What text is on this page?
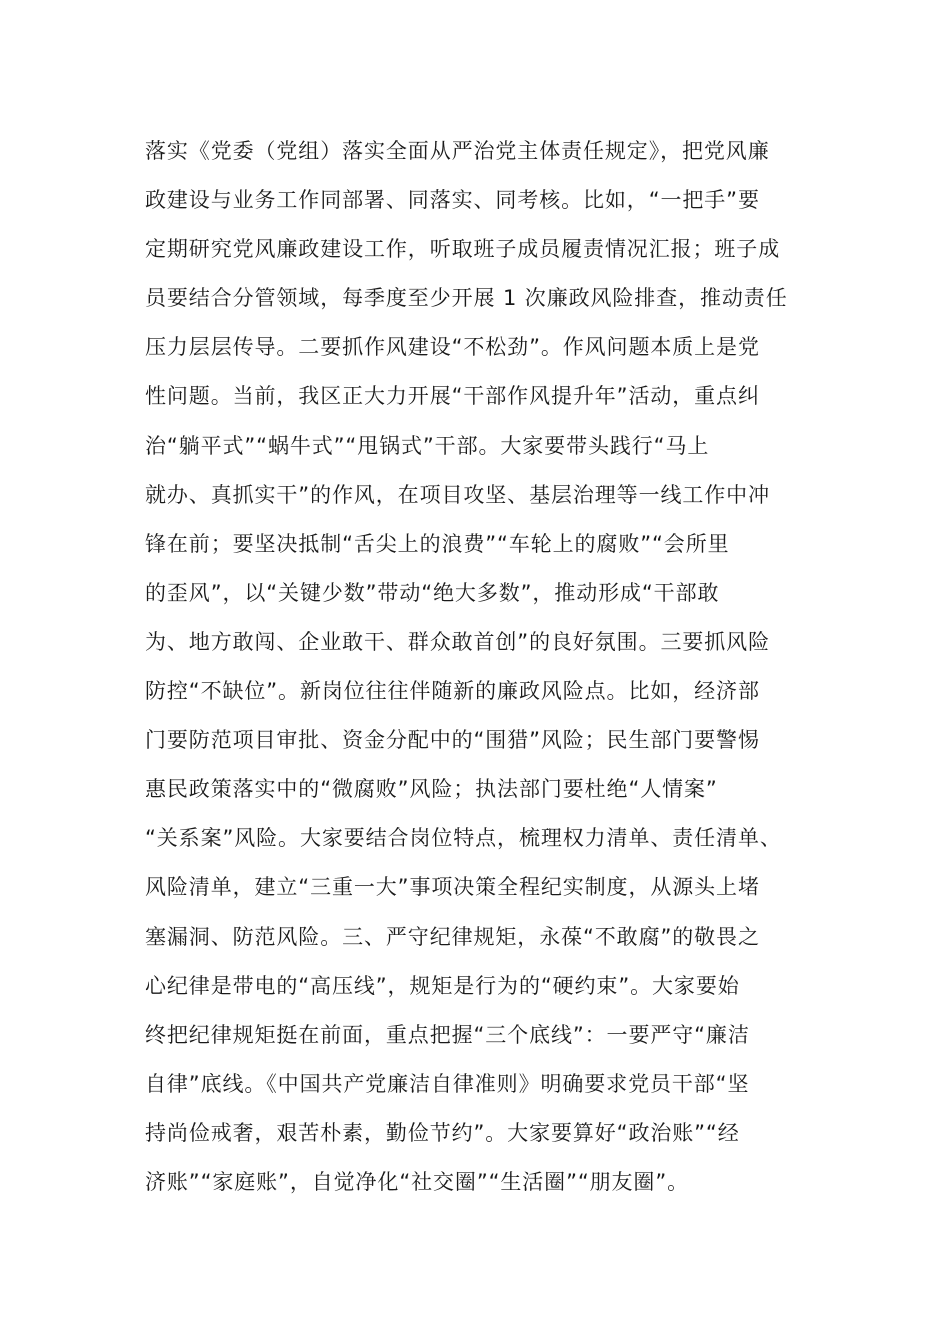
落实《党委（党组）落实全面从严治党主体责任规定》，把党风廉
政建设与业务工作同部署、同落实、同考核。比如，“一把手”要
定期研究党风廉政建设工作，听取班子成员履责情况汇报；班子成
员要结合分管领域，每季度至少开展 1 次廉政风险排查，推动责任
压力层层传导。二要抓作风建设“不松劲”。作风问题本质上是党
性问题。当前，我区正大力开展“干部作风提升年”活动，重点纠
治“躺平式”“蜗牛式”“甩锅式”干部。大家要带头践行“马上
就办、真抓实干”的作风，在项目攻坚、基层治理等一线工作中冲
锋在前；要坚决抵制“舌尖上的浪费”“车轮上的腐败”“会所里
的歪风”，以“关键少数”带动“绝大多数”，推动形成“干部敢
为、地方敢闯、企业敢干、群众敢首创”的良好氛围。三要抓风险
防控“不缺位”。新岗位往往伴随新的廉政风险点。比如，经济部
门要防范项目审批、资金分配中的“围猎”风险；民生部门要警惕
惠民政策落实中的“微腐败”风险；执法部门要杜绝“人情案”
“关系案”风险。大家要结合岗位特点，梳理权力清单、责任清单、
风险清单，建立“三重一大”事项决策全程纪实制度，从源头上堵
塞漏洞、防范风险。三、严守纪律规矩，永葆“不敢腐”的敬畏之
心纪律是带电的“高压线”，规矩是行为的“硬约束”。大家要始
终把纪律规矩挺在前面，重点把握“三个底线”：一要严守“廉洁
自律”底线。《中国共产党廉洁自律准则》明确要求党员干部“坚
持尚俭戒奢，艰苦朴素，勤俭节约”。大家要算好“政治账”“经
济账”“家庭账”，自觉净化“社交圈”“生活圈”“朋友圈”。
